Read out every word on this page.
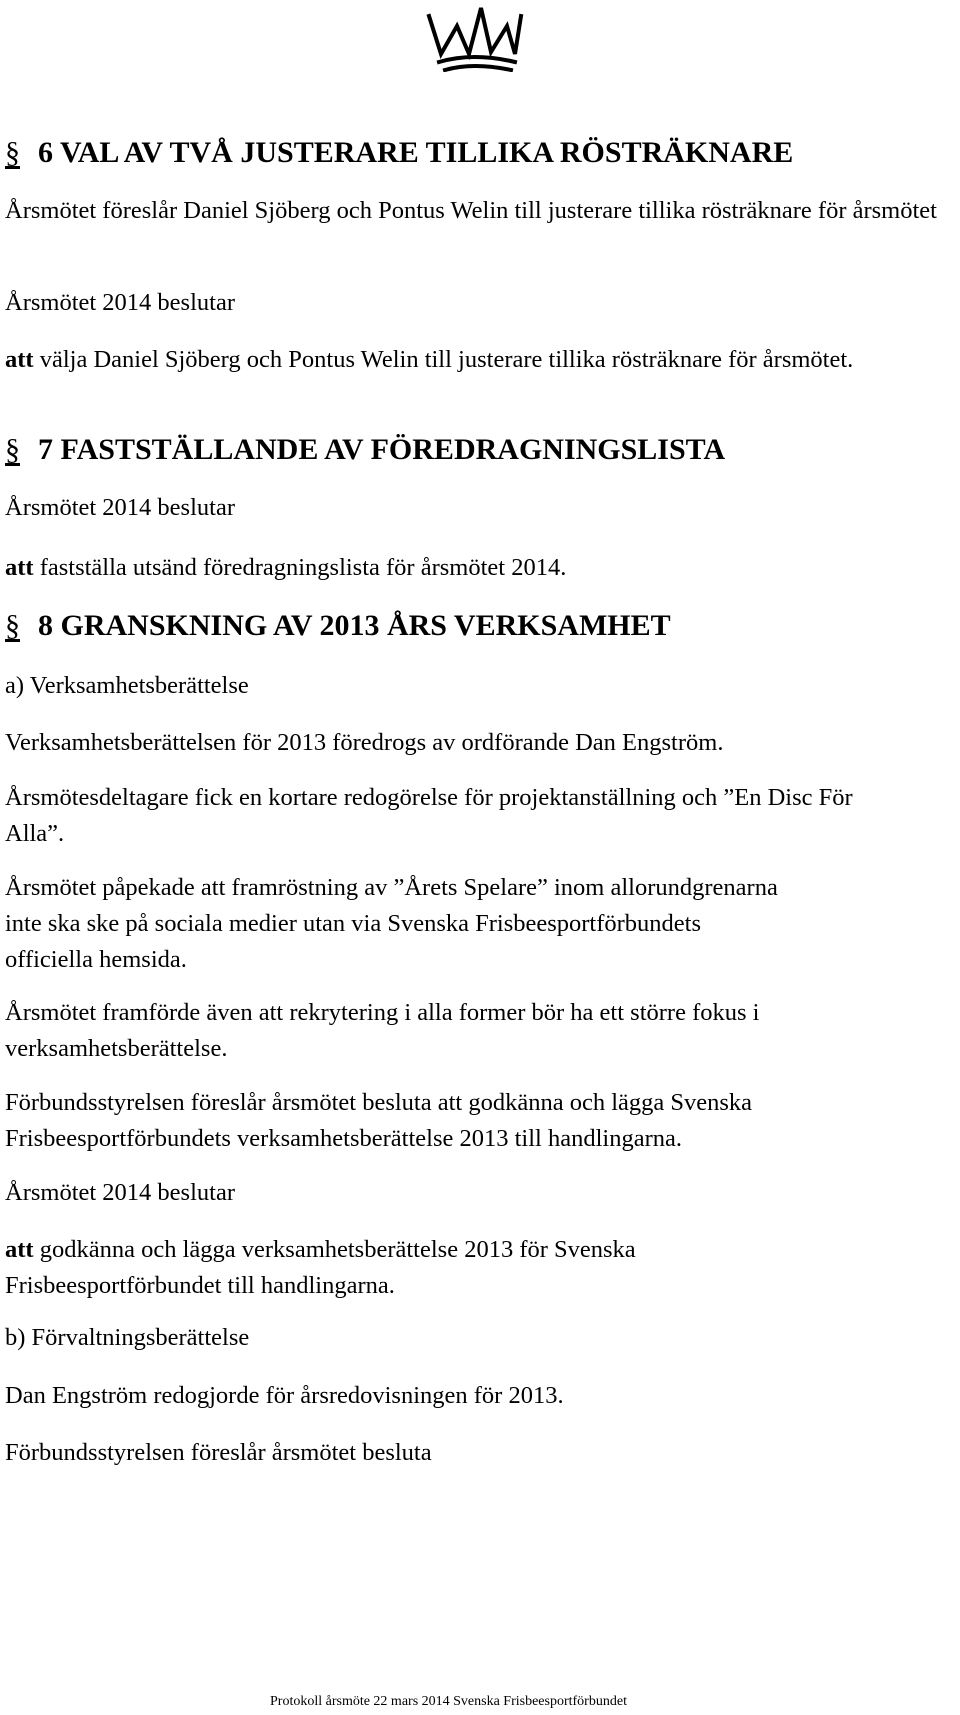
§ 6 VAL AV TVÅ JUSTERARE TILLIKA RÖSTRÄKNARE

Årsmötet föreslår Daniel Sjöberg och Pontus Welin till justerare tillika rösträknare för årsmötet

Årsmötet 2014 beslutar

att välja Daniel Sjöberg och Pontus Welin till justerare tillika rösträknare för årsmötet.

§ 7 FASTSTÄLLANDE AV FÖREDRAGNINGSLISTA

Årsmötet 2014 beslutar

att fastställa utsänd föredragningslista för årsmötet 2014.

§ 8 GRANSKNING AV 2013 ÅRS VERKSAMHET

a) Verksamhetsberättelse

Verksamhetsberättelsen för 2013 föredrogs av ordförande Dan Engström.

Årsmötesdeltagare fick en kortare redogörelse för projektanställning och ”En Disc För Alla”.

Årsmötet påpekade att framröstning av ”Årets Spelare” inom allorundgrenarna inte ska ske på sociala medier utan via Svenska Frisbeesportförbundets officiella hemsida.

Årsmötet framförde även att rekrytering i alla former bör ha ett större fokus i verksamhetsberättelse.

Förbundsstyrelsen föreslår årsmötet besluta att godkänna och lägga Svenska Frisbeesportförbundets verksamhetsberättelse 2013 till handlingarna.

Årsmötet 2014 beslutar

att godkänna och lägga verksamhetsberättelse 2013 för Svenska Frisbeesportförbundet till handlingarna.

b) Förvaltningsberättelse

Dan Engström redogjorde för årsredovisningen för 2013.

Förbundsstyrelsen föreslår årsmötet besluta

Protokoll årsmöte 22 mars 2014 Svenska Frisbeesportförbundet
